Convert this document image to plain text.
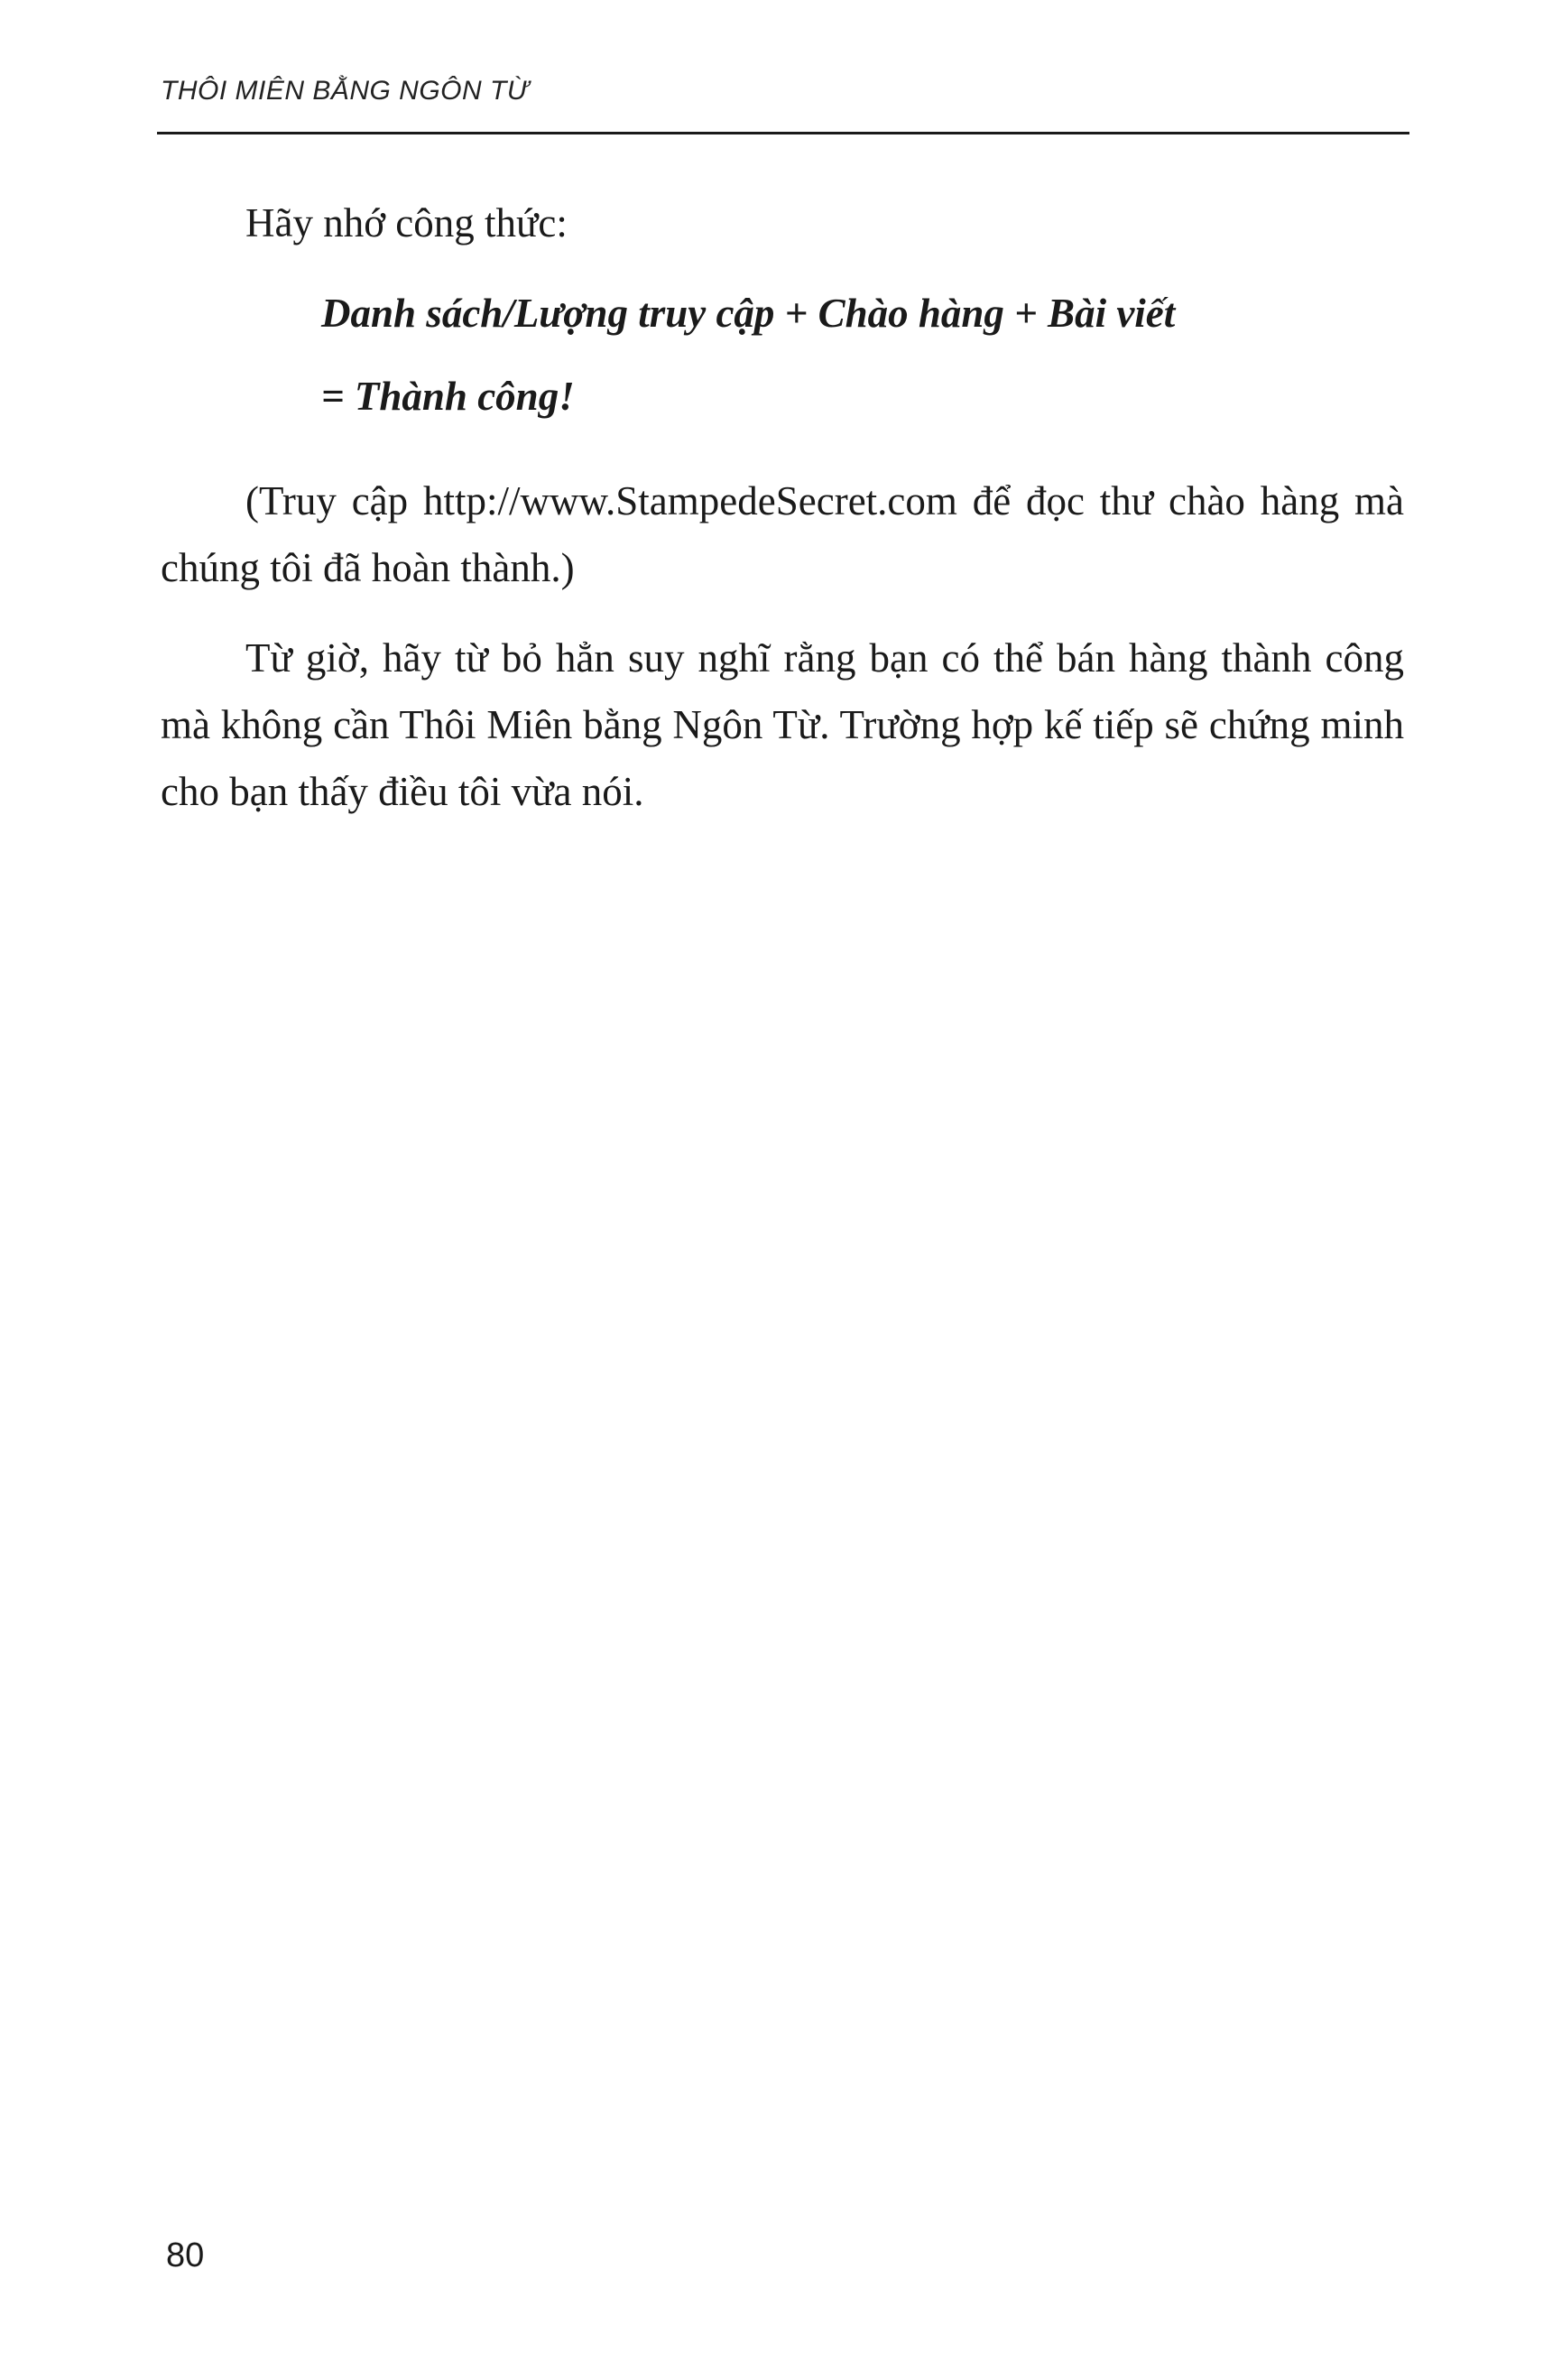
THÔI MIÊN BẰNG NGÔN TỪ

Hãy nhớ công thức:

Danh sách/Lượng truy cập + Chào hàng + Bài viết
= Thành công!

(Truy cập http://www.StampedeSecret.com để đọc thư chào hàng mà chúng tôi đã hoàn thành.)

Từ giờ, hãy từ bỏ hẳn suy nghĩ rằng bạn có thể bán hàng thành công mà không cần Thôi Miên bằng Ngôn Từ. Trường hợp kế tiếp sẽ chứng minh cho bạn thấy điều tôi vừa nói.

80
